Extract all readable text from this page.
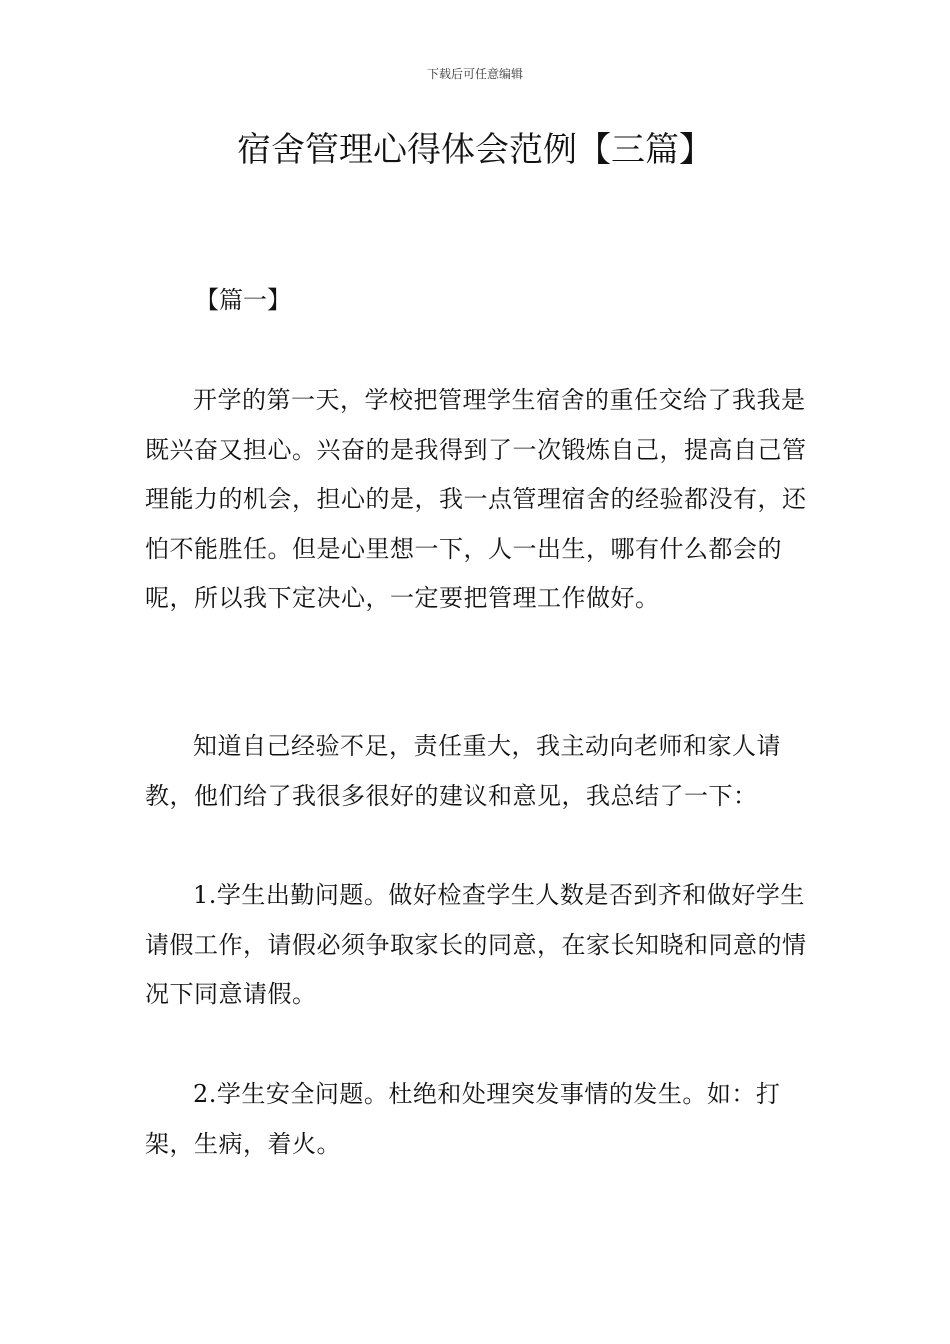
下载后可任意编辑
宿舍管理心得体会范例【三篇】
【篇一】

开学的第一天，学校把管理学生宿舍的重任交给了我我是既兴奋又担心。兴奋的是我得到了一次锻炼自己，提高自己管理能力的机会，担心的是，我一点管理宿舍的经验都没有，还怕不能胜任。但是心里想一下，人一出生，哪有什么都会的呢，所以我下定决心，一定要把管理工作做好。

知道自己经验不足，责任重大，我主动向老师和家人请教，他们给了我很多很好的建议和意见，我总结了一下：

1.学生出勤问题。做好检查学生人数是否到齐和做好学生请假工作，请假必须争取家长的同意，在家长知晓和同意的情况下同意请假。

2.学生安全问题。杜绝和处理突发事情的发生。如：打架，生病，着火。
